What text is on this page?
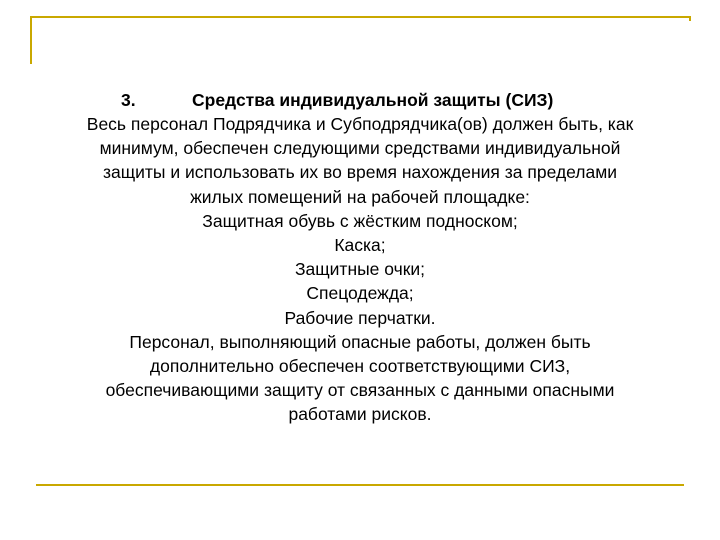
3.	Средства индивидуальной защиты (СИЗ)
Весь персонал Подрядчика и Субподрядчика(ов) должен быть, как
минимум, обеспечен следующими средствами индивидуальной
защиты и использовать их во время нахождения за пределами
жилых помещений на рабочей площадке:
Защитная обувь с жёстким подноском;
Каска;
Защитные очки;
Спецодежда;
Рабочие перчатки.
Персонал, выполняющий опасные работы, должен быть
дополнительно обеспечен соответствующими СИЗ,
обеспечивающими защиту от связанных с данными опасными
работами рисков.
